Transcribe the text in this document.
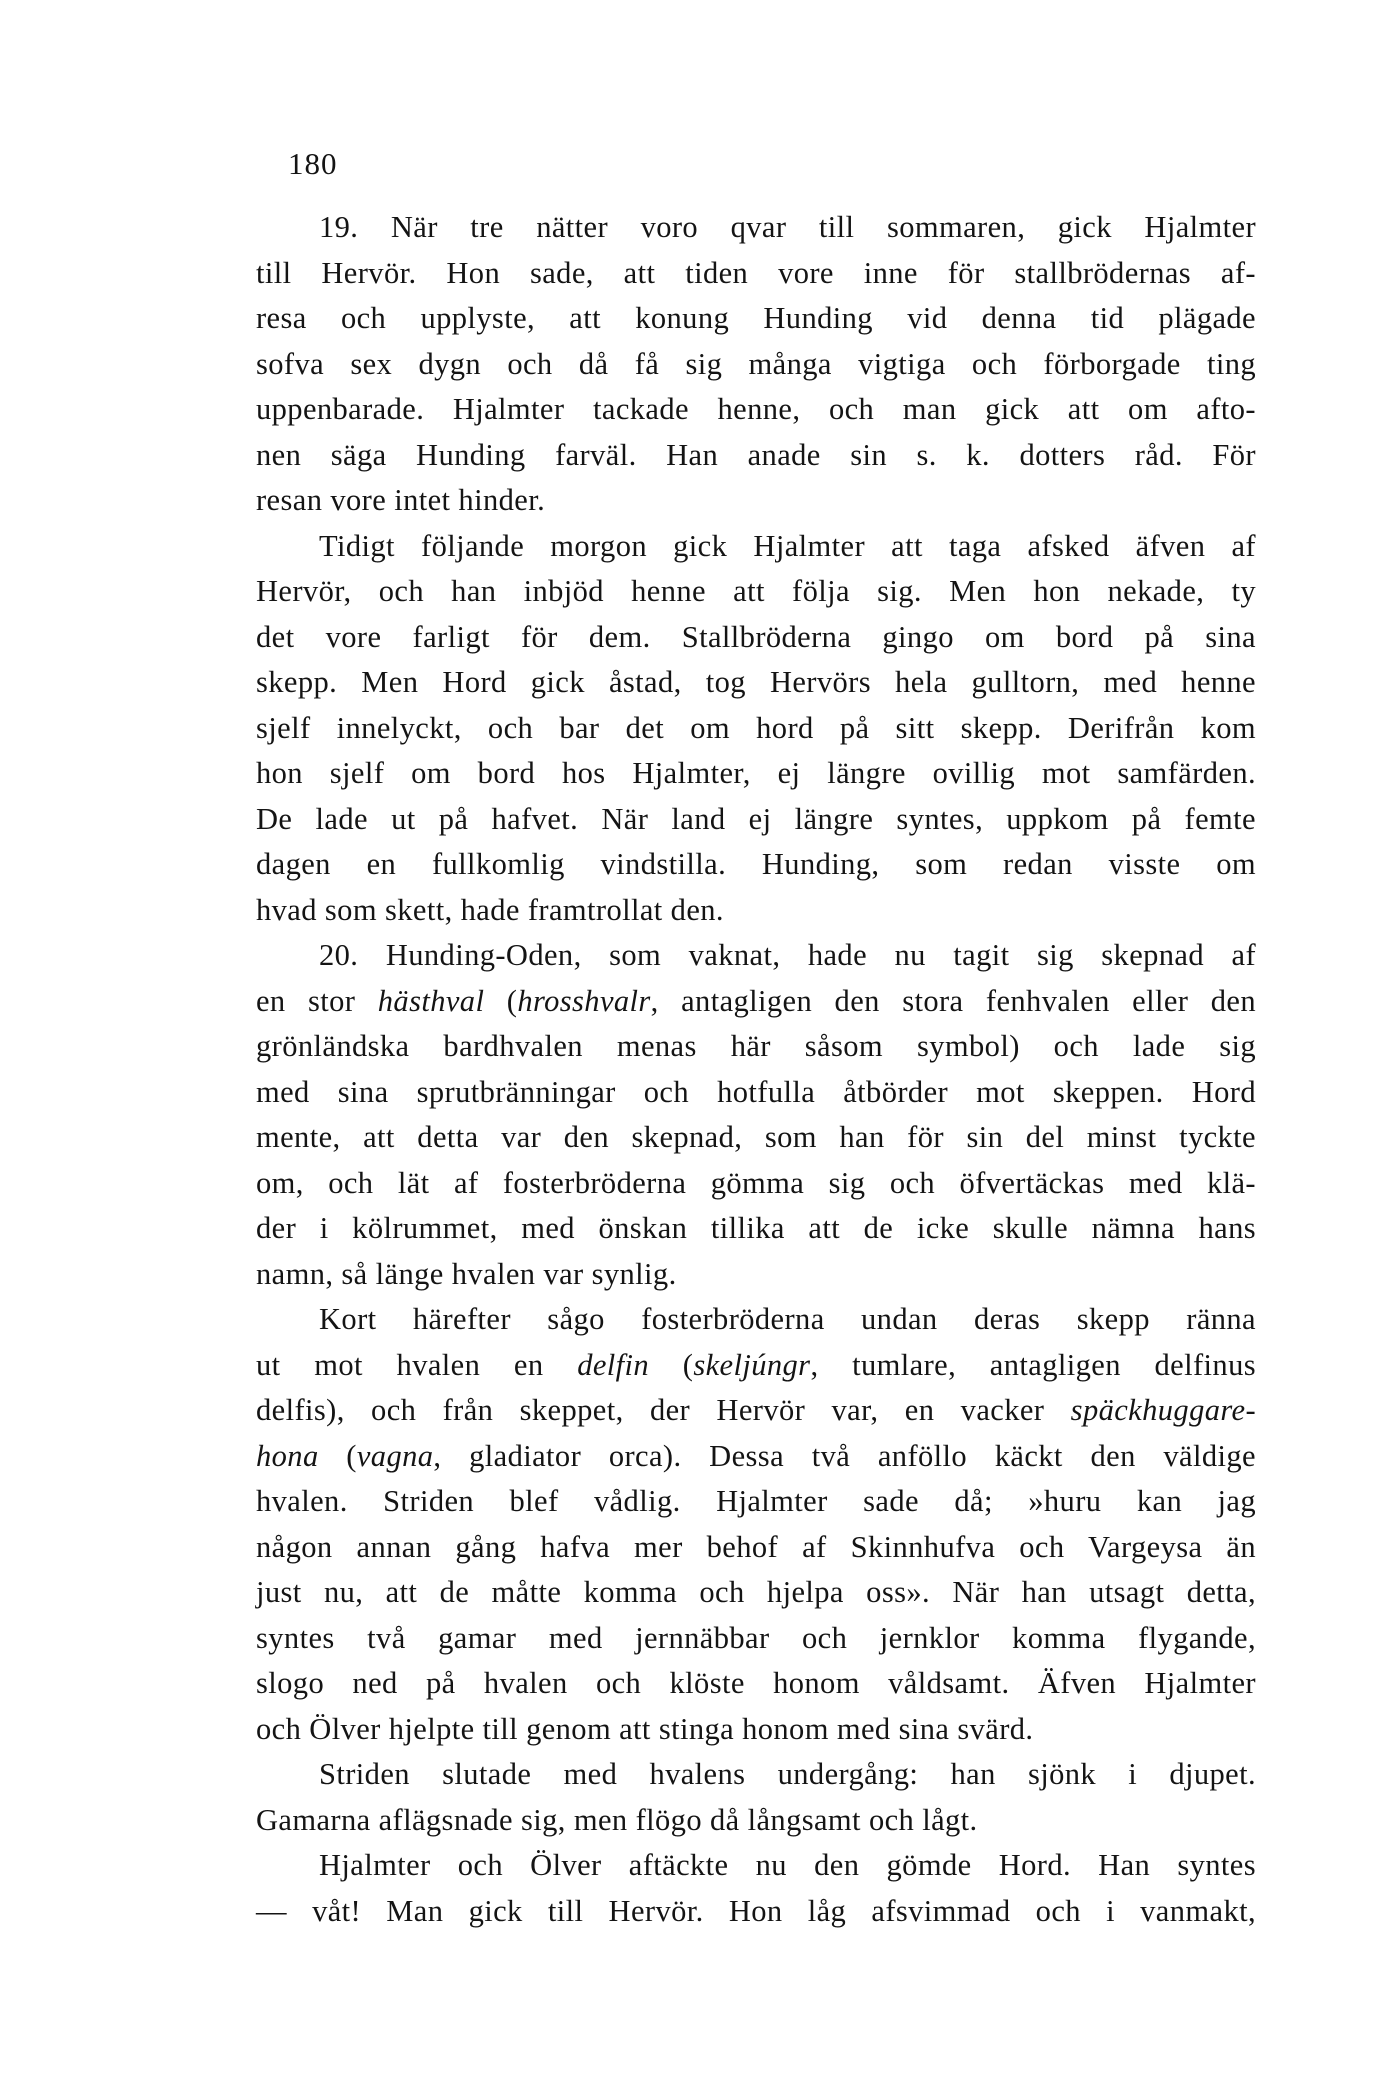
180
19. När tre nätter voro qvar till sommaren, gick Hjalmter
till Hervör. Hon sade, att tiden vore inne för stallbrödernas af-
resa och upplyste, att konung Hunding vid denna tid plägade
sofva sex dygn och då få sig många vigtiga och förborgade ting
uppenbarade. Hjalmter tackade henne, och man gick att om afto-
nen säga Hunding farväl. Han anade sin s. k. dotters råd. För
resan vore intet hinder.
Tidigt följande morgon gick Hjalmter att taga afsked äfven af
Hervör, och han inbjöd henne att följa sig. Men hon nekade, ty
det vore farligt för dem. Stallbröderna gingo om bord på sina
skepp. Men Hord gick åstad, tog Hervörs hela gulltorn, med henne
sjelf innelyckt, och bar det om hord på sitt skepp. Derifrån kom
hon sjelf om bord hos Hjalmter, ej längre ovillig mot samfärden.
De lade ut på hafvet. När land ej längre syntes, uppkom på femte
dagen en fullkomlig vindstilla. Hunding, som redan visste om
hvad som skett, hade framtrollat den.
20. Hunding-Oden, som vaknat, hade nu tagit sig skepnad af
en stor hästhval (hrosshvalr, antagligen den stora fenhvalen eller den
grönländska bardhvalen menas här såsom symbol) och lade sig
med sina sprutbränningar och hotfulla åtbörder mot skeppen. Hord
mente, att detta var den skepnad, som han för sin del minst tyckte
om, och lät af fosterbröderna gömma sig och öfvertäckas med klä-
der i kölrummet, med önskan tillika att de icke skulle nämna hans
namn, så länge hvalen var synlig.
Kort härefter sågo fosterbröderna undan deras skepp ränna
ut mot hvalen en delfin (skeljúngr, tumlare, antagligen delfinus
delfis), och från skeppet, der Hervör var, en vacker späckhuggare-
hona (vagna, gladiator orca). Dessa två anföllo käckt den väldige
hvalen. Striden blef vådlig. Hjalmter sade då; »huru kan jag
någon annan gång hafva mer behof af Skinnhufva och Vargeysa än
just nu, att de måtte komma och hjelpa oss». När han utsagt detta,
syntes två gamar med jernnäbbar och jernklor komma flygande,
slogo ned på hvalen och klöste honom våldsamt. Äfven Hjalmter
och Ölver hjelpte till genom att stinga honom med sina svärd.
Striden slutade med hvalens undergång: han sjönk i djupet.
Gamarna aflägsnade sig, men flögo då långsamt och lågt.
Hjalmter och Ölver aftäckte nu den gömde Hord. Han syntes
— våt! Man gick till Hervör. Hon låg afsvimmad och i vanmakt,
